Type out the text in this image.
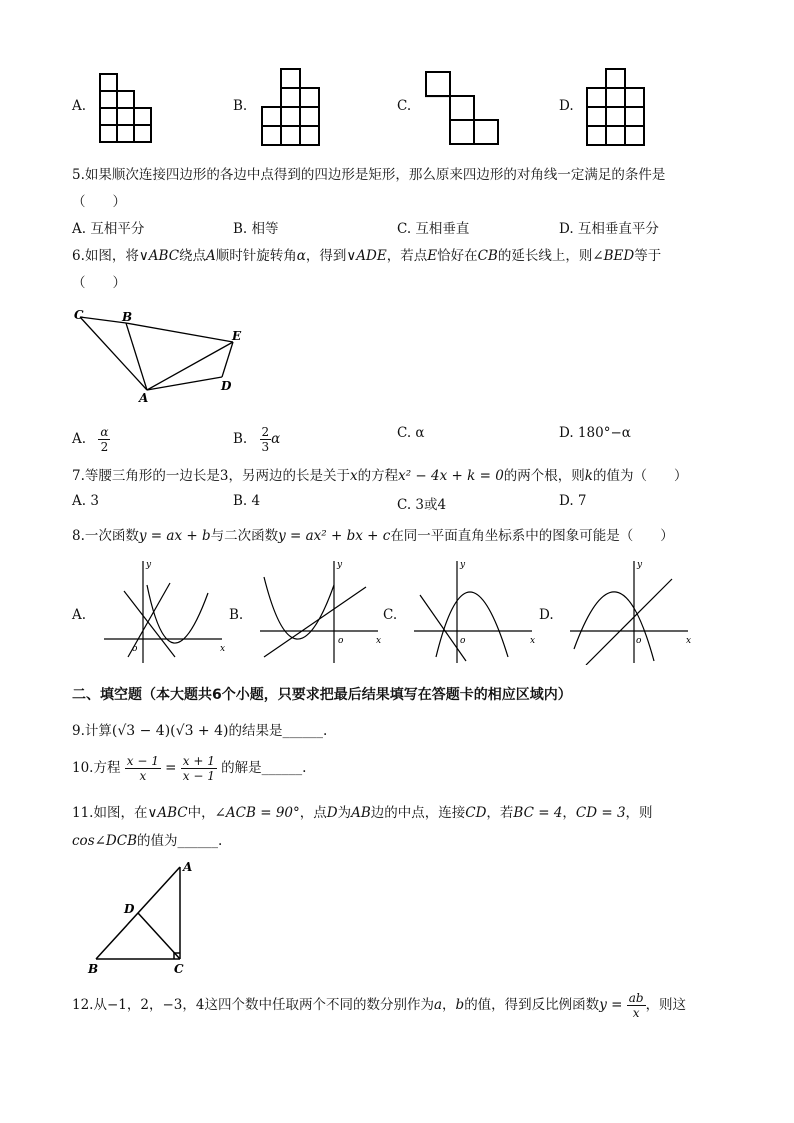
A.	B.	C.	D.
5.如果顺次连接四边形的各边中点得到的四边形是矩形，那么原来四边形的对角线一定满足的条件是
（　　）
A. 互相平分	B. 相等	C. 互相垂直	D. 互相垂直平分
6.如图，将∨ABC绕点A顺时针旋转角α，得到∨ADE，若点E恰好在CB的延长线上，则∠BED等于
（　　）
C	B
E
D
A
A. $\frac{\alpha}{2}$	B. $\frac{2}{3}$ α	C. α	D. 180°−α
7.等腰三角形的一边长是3，另两边的长是关于x的方程x² − 4x + k = 0的两个根，则k的值为（　　）
A. 3	B. 4	C. 3或4	D. 7
8.一次函数y = ax + b与二次函数y = ax² + bx + c在同一平面直角坐标系中的图象可能是（　　）
A.
y
x
o
B.
y
x
o
C.
y
x
o
D.
y
x
o
二、填空题（本大题共6个小题，只要求把最后结果填写在答题卡的相应区域内）
9.计算(√3 − 4)(√3 + 4)的结果是______.
10.方程 $\frac{x - 1}{x} = \frac{x + 1}{x - 1}$ 的解是______.
11.如图，在∨ABC中，∠ACB = 90°，点D为AB边的中点，连接CD，若BC = 4，CD = 3，则
cos∠DCB的值为______.
A
D
B	C
12.从−1，2，−3，4这四个数中任取两个不同的数分别作为a，b的值，得到反比例函数$y = \frac{ab}{x}$ ，则这
